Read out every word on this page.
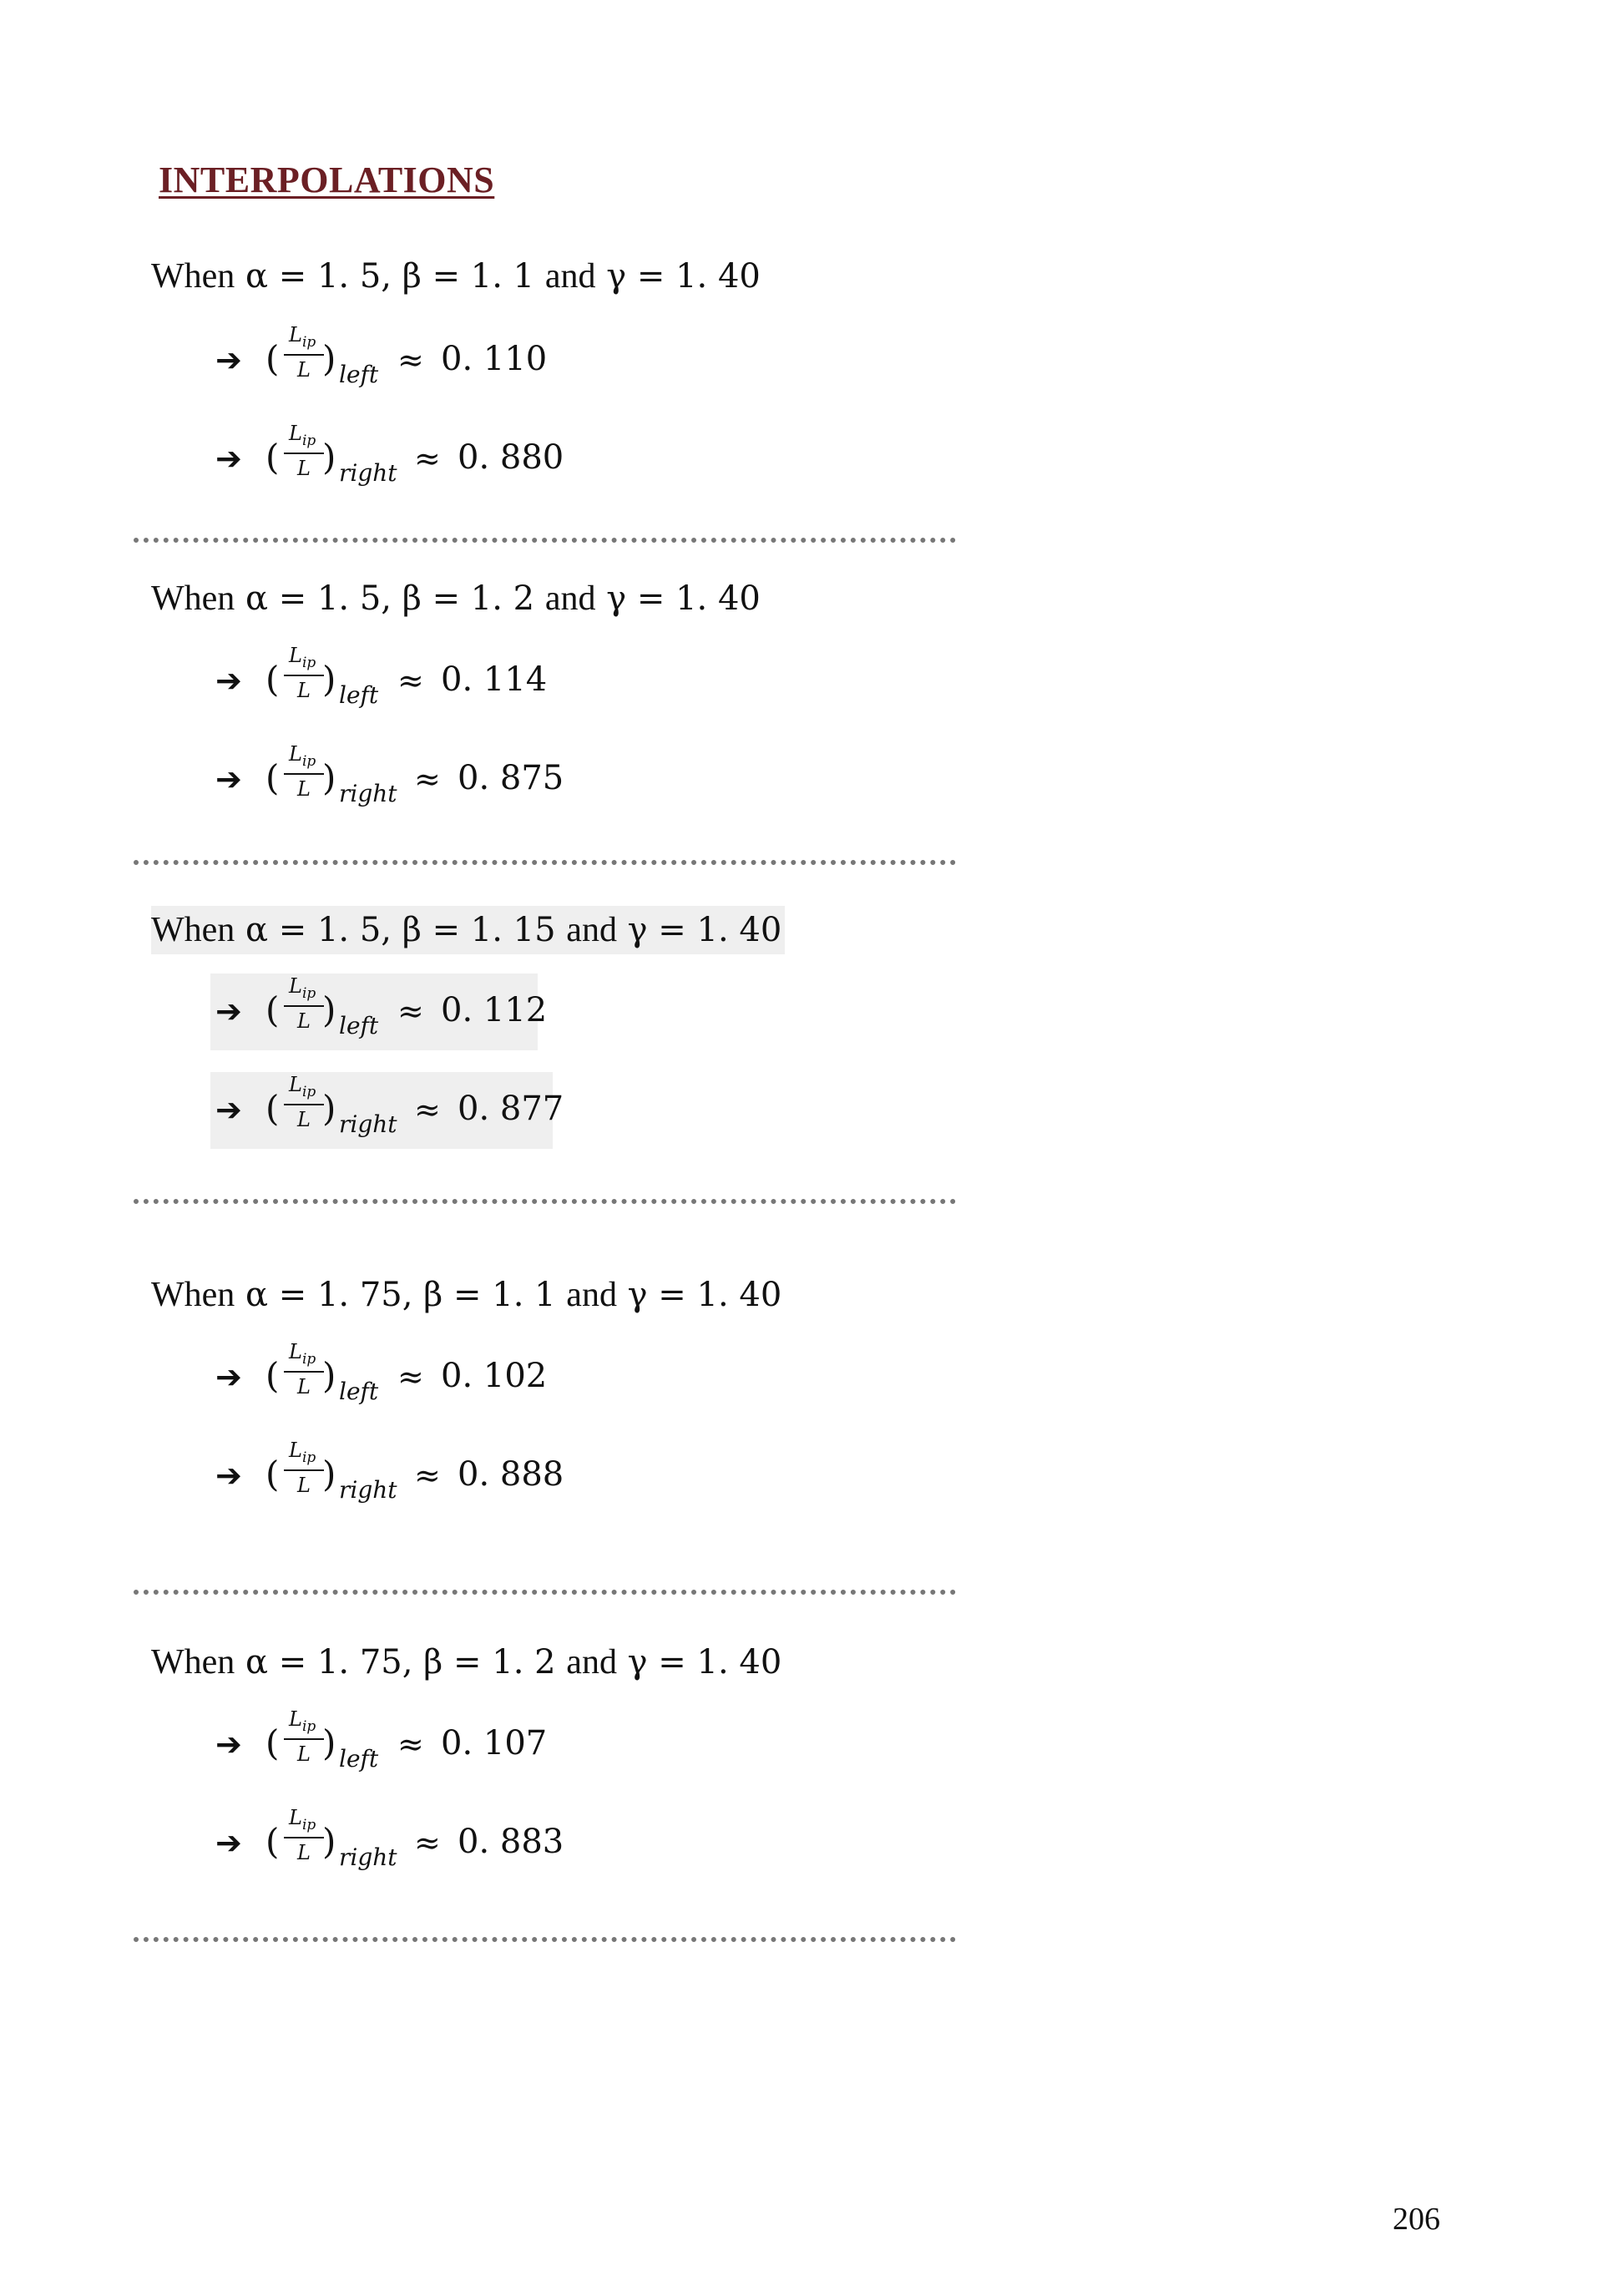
INTERPOLATIONS
When α = 1. 5, β = 1. 1 and γ = 1. 40
➔ (
$L_{ip}$
L ) left ≈ 0. 110
➔ (
$L_{ip}$
L ) right ≈ 0. 880
When α = 1. 5, β = 1. 2 and γ = 1. 40
➔ (
$L_{ip}$
L ) left ≈ 0. 114
➔ (
$L_{ip}$
L ) right ≈ 0. 875
When α = 1. 5, β = 1. 15 and γ = 1. 40
➔ (
$L_{ip}$
L ) left ≈ 0. 112
➔ (
$L_{ip}$
L ) right ≈ 0. 877
When α = 1. 75, β = 1. 1 and γ = 1. 40
➔ (
$L_{ip}$
L ) left ≈ 0. 102
➔ (
$L_{ip}$
L ) right ≈ 0. 888
When α = 1. 75, β = 1. 2 and γ = 1. 40
➔ (
$L_{ip}$
L ) left ≈ 0. 107
➔ (
$L_{ip}$
L ) right ≈ 0. 883
206
